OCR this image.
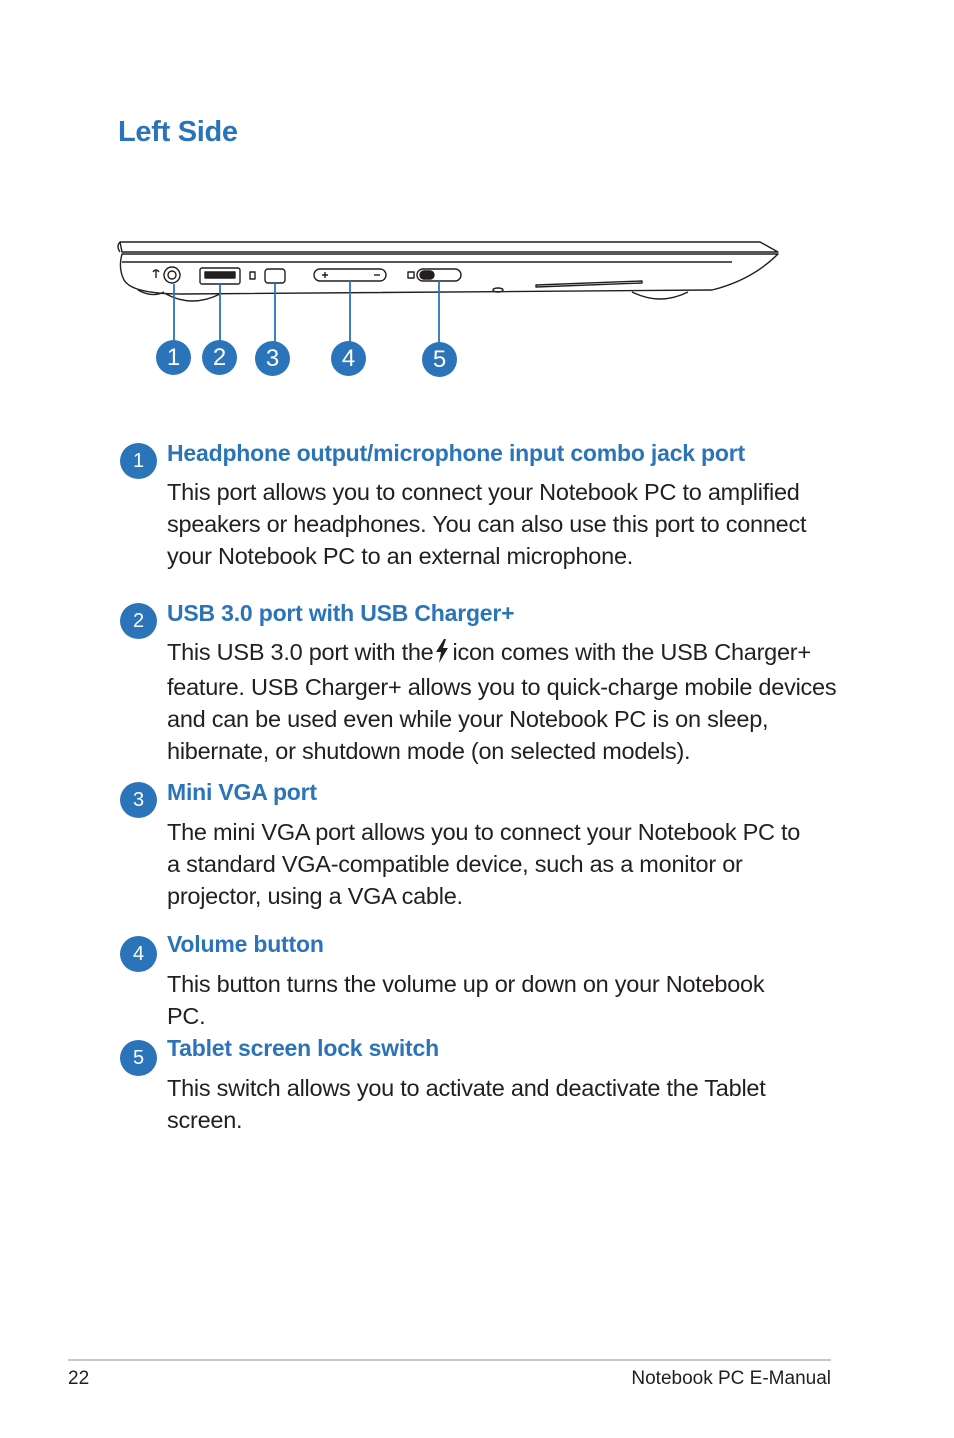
Left Side
1	2	3	4	5
1 Headphone output/microphone input combo jack port

This port allows you to connect your Notebook PC to amplified speakers or headphones. You can also use this port to connect your Notebook PC to an external microphone.

2 USB 3.0 port with USB Charger+

This USB 3.0 port with the icon comes with the USB Charger+ feature. USB Charger+ allows you to quick-charge mobile devices and can be used even while your Notebook PC is on sleep, hibernate, or shutdown mode (on selected models).

3 Mini VGA port

The mini VGA port allows you to connect your Notebook PC to a standard VGA-compatible device, such as a monitor or projector, using a VGA cable.

4 Volume button

This button turns the volume up or down on your Notebook PC.

5 Tablet screen lock switch

This switch allows you to activate and deactivate the Tablet screen.

22	Notebook PC E-Manual
